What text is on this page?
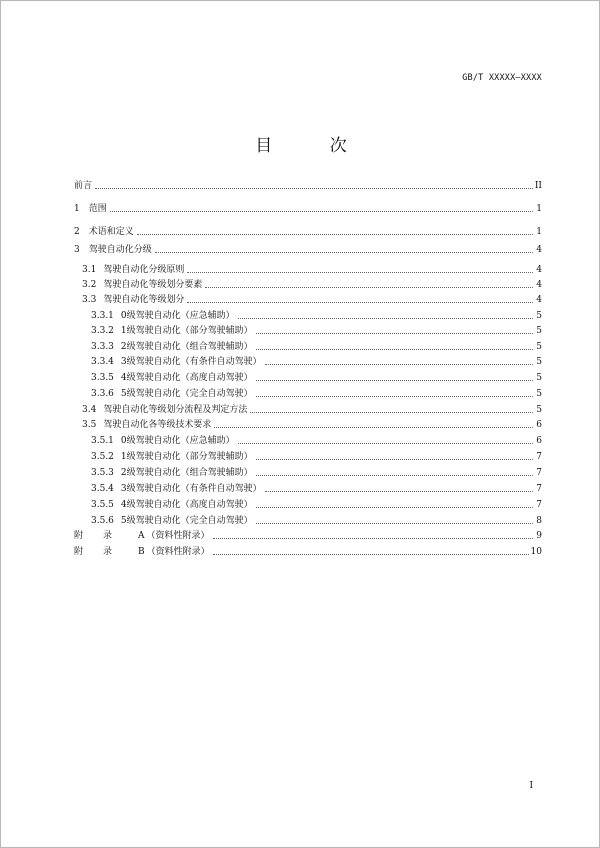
GB/T XXXXX—XXXX
目 次
前言	II
1 范围	1
2 术语和定义	1
3 驾驶自动化分级	4
3.1 驾驶自动化分级原则	4
3.2 驾驶自动化等级划分要素	4
3.3 驾驶自动化等级划分	4
3.3.1 0级驾驶自动化（应急辅助）	5
3.3.2 1级驾驶自动化（部分驾驶辅助）	5
3.3.3 2级驾驶自动化（组合驾驶辅助）	5
3.3.4 3级驾驶自动化（有条件自动驾驶）	5
3.3.5 4级驾驶自动化（高度自动驾驶）	5
3.3.6 5级驾驶自动化（完全自动驾驶）	5
3.4 驾驶自动化等级划分流程及判定方法	5
3.5 驾驶自动化各等级技术要求	6
3.5.1 0级驾驶自动化（应急辅助）	6
3.5.2 1级驾驶自动化（部分驾驶辅助）	7
3.5.3 2级驾驶自动化（组合驾驶辅助）	7
3.5.4 3级驾驶自动化（有条件自动驾驶）	7
3.5.5 4级驾驶自动化（高度自动驾驶）	7
3.5.6 5级驾驶自动化（完全自动驾驶）	8
附录 A （资料性附录）	9
附录 B （资料性附录）	10
I
